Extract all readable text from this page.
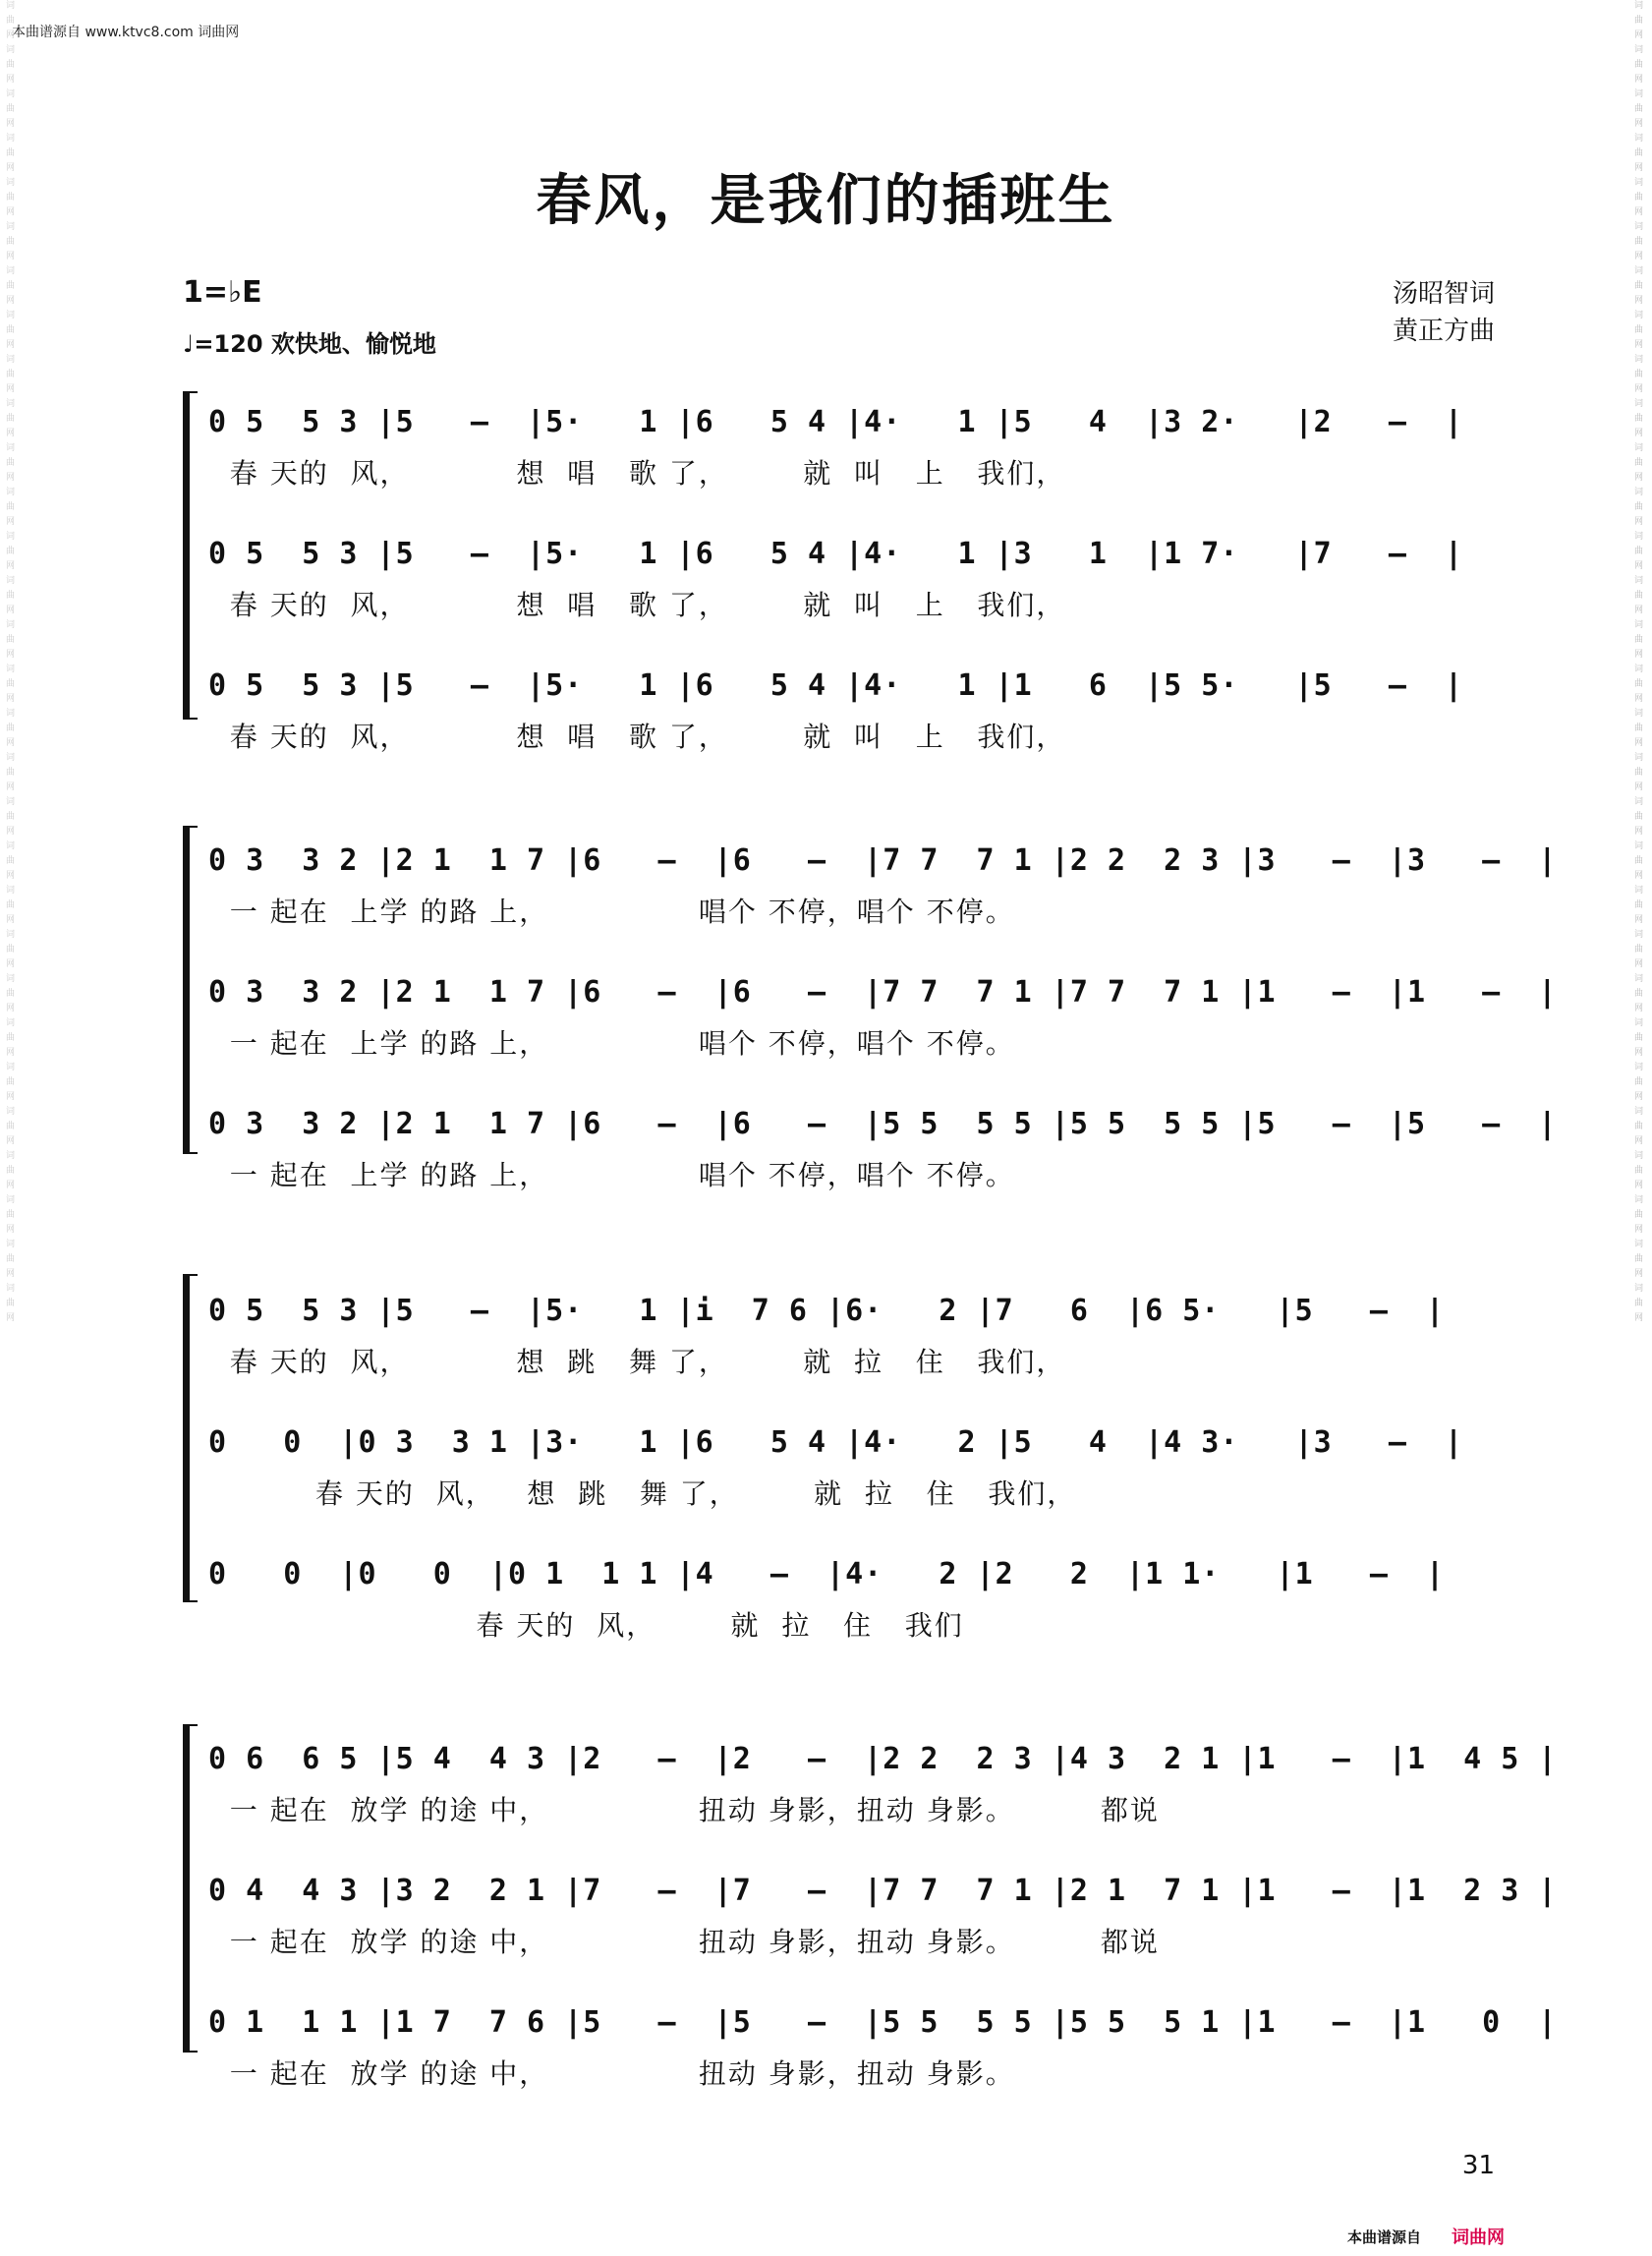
本曲谱源自 www.ktvc8.com 词曲网	词曲网词曲网词曲网词曲网词曲网词曲网词曲网词曲网词曲网词曲网词曲网词曲网词曲网词曲网词曲网词曲网词曲网词曲网词曲网词曲网词曲网词曲网词曲网词曲网词曲网词曲网词曲网词曲网词曲网词曲网
词曲网词曲网词曲网词曲网词曲网词曲网词曲网词曲网词曲网词曲网词曲网词曲网词曲网词曲网词曲网词曲网词曲网词曲网词曲网词曲网词曲网词曲网词曲网词曲网词曲网词曲网词曲网词曲网词曲网词曲网	春风，是我们的插班生
1=♭E
♩=120 欢快地、愉悦地
汤昭智词
黄正方曲
0 5  5 3 |5   –  |5·   1 |6   5 4 |4·   1 |5   4  |3 2·   |2   –  |
春 天的  风，          想  唱   歌 了，       就  叫   上   我们，
0 5  5 3 |5   –  |5·   1 |6   5 4 |4·   1 |3   1  |1 7·   |7   –  |
春 天的  风，          想  唱   歌 了，       就  叫   上   我们，
0 5  5 3 |5   –  |5·   1 |6   5 4 |4·   1 |1   6  |5 5·   |5   –  |
春 天的  风，          想  唱   歌 了，       就  叫   上   我们，
0 3  3 2 |2 1  1 7 |6   –  |6   –  |7 7  7 1 |2 2  2 3 |3   –  |3   –  |
一 起在  上学 的路 上，              唱个 不停，唱个 不停。
0 3  3 2 |2 1  1 7 |6   –  |6   –  |7 7  7 1 |7 7  7 1 |1   –  |1   –  |
一 起在  上学 的路 上，              唱个 不停，唱个 不停。
0 3  3 2 |2 1  1 7 |6   –  |6   –  |5 5  5 5 |5 5  5 5 |5   –  |5   –  |
一 起在  上学 的路 上，              唱个 不停，唱个 不停。
0 5  5 3 |5   –  |5·   1 |i  7 6 |6·   2 |7   6  |6 5·   |5   –  |
春 天的  风，          想  跳   舞 了，       就  拉   住   我们，
0   0  |0 3  3 1 |3·   1 |6   5 4 |4·   2 |5   4  |4 3·   |3   –  |
春 天的  风，   想  跳   舞 了，       就  拉   住   我们，
0   0  |0   0  |0 1  1 1 |4   –  |4·   2 |2   2  |1 1·   |1   –  |
春 天的  风，       就  拉   住   我们
0 6  6 5 |5 4  4 3 |2   –  |2   –  |2 2  2 3 |4 3  2 1 |1   –  |1  4 5 |
一 起在  放学 的途 中，              扭动 身影，扭动 身影。        都说
0 4  4 3 |3 2  2 1 |7   –  |7   –  |7 7  7 1 |2 1  7 1 |1   –  |1  2 3 |
一 起在  放学 的途 中，              扭动 身影，扭动 身影。        都说
0 1  1 1 |1 7  7 6 |5   –  |5   –  |5 5  5 5 |5 5  5 1 |1   –  |1   0  |
一 起在  放学 的途 中，              扭动 身影，扭动 身影。
31
本曲谱源自 词曲网
